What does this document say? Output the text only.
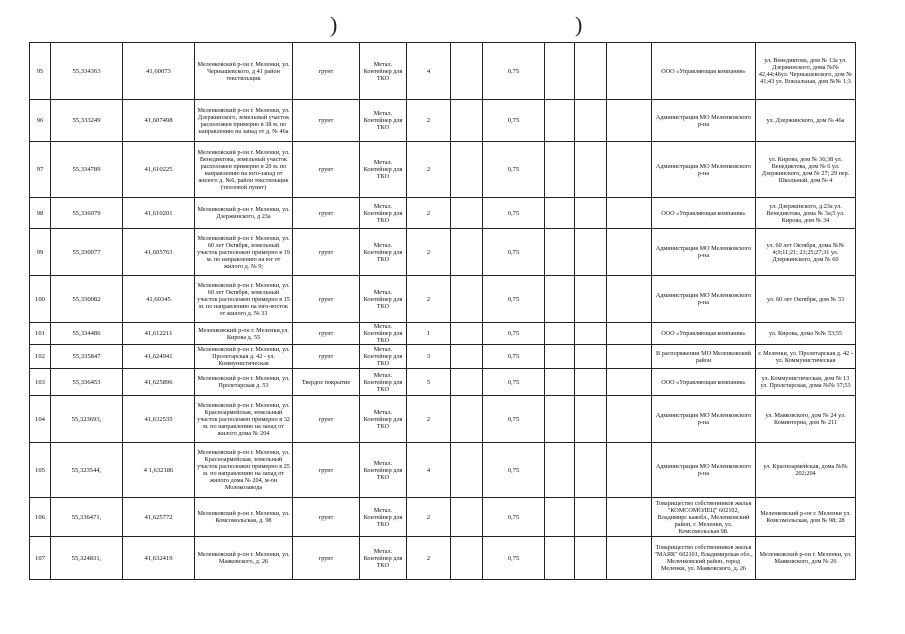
)	)
95	55,334363	41,60073	Меленковский р-он г. Меленки, ул. Чернышевского, д 41 район текстильщик	грунт	Метал. Контейнер для ТКО	4		0,75				ООО «Управляющая компания»	ул. Венедиктова, дом № 13а ул. Дзержинского, дома №№ 42,44;46ул. Чернышевского, дом № 41;43 ул. Вокзальная, дом №№ 1;3
96	55,333249	41,607498	Меленковский р-он г. Меленки, ул. Дзержинского, земельный участок расположен примерно в 38 м. по направлению на запад от д. № 46а	грунт	Метал. Контейнер для ТКО	2		0,75				Администрация МО Меленковского р-на	ул. Дзержинского, дом № 46а
97	55,334789	41,610225	Меленковский р-он г. Меленки, ул. Венедиктова, земельный участок расположен примерно в 20 м. по направлению на юго-запад от жилого д. №6, район текстильщик (тепловой пункт)	грунт	Метал. Контейнер для ТКО	2		0,75				Администрация МО Меленковского р-на	ул. Кирова, дом № 36;38 ул. Венедиктова, дом № 6 ул. Дзержинского, дом № 27; 29 пер. Школьный, дом № 4
98	55,336079	41,610201	Меленковский р-он г. Меленки, ул. Дзержинского, д 23а	грунт	Метал. Контейнер для ТКО	2		0,75				ООО «Управляющая компания»	ул. Дзержинского, д.23а ул. Венедиктова, дома № 3а;5 ул. Кирова, дом № 34
99	55,330077	41,605763	Меленковский р-он г. Меленки, ул. 60 лет Октября, земельный участок расположен примерно в 19 м. по направлению на юг от жилого д. № 9;	грунт	Метал. Контейнер для ТКО	2		0,75				Администрация МО Меленковского р-на	ул. 60 лет Октября, дома №№ 4;9;11;21; 23;25;27;31 ул. Дзержинского, дом № 60
100	55,330082	41,60345	Меленковский р-он г. Меленки, ул. 60 лет Октября, земельный участок расположен примерно в 15 м. по направлению на юго-восток от жилого д. № 33	грунт	Метал. Контейнер для ТКО	2		0,75				Администрация МО Меленковского р-на	ул. 60 лет Октября, дом № 33
101	55,334486	41,612211	Меленковский р-он г. Меленки,ул. Кирова д. 55	грунт	Метал. Контейнер для ТКО	1		0,75				ООО «Управляющая компания»	ул. Кирова, дома №№ 53;55
102	55,335847	41,624941	Меленковский р-он г. Меленки, ул. Пролетарская д. 42 - ул. Коммунистическая	грунт	Метал. Контейнер для ТКО	3		0,75				В распоряжении МО Меленковский район	г. Меленки, ул. Пролетарская д. 42 - ул. Коммунистическая
103	55,336453	41,625896	Меленковский р-он г. Меленки, ул. Пролетарская д. 53	Твердое покрытие	Метал. Контейнер для ТКО	5		0,75				ООО «Управляющая компания»	ул. Коммунистическая, дом № 13 ул. Пролетарская, дома №№ 37;53
104	55,323693,	41,632535	Меленковский р-он г. Меленки, ул. Красноармейская, земельный участок расположен примерно в 32 м. по направлению на запад от жилого дома № 204	грунт	Метал. Контейнер для ТКО	2		0,75				Администрация МО Меленковского р-на	ул. Маяковского, дом № 24 ул. Коминтерна, дом № 211
105	55,323544,	4 1,632186	Меленковский р-он г. Меленки, ул. Красноармейская, земельный участок расположен примерно в 25 м. по направлению на запад от жилого дома № 204, м-он Молокозавода	грунт	Метал. Контейнер для ТКО	4		0,75				Администрация МО Меленковского р-на	ул. Красноармейская, дома №№ 202;204
106	55,336471,	41,625772	Меленковский р-он г. Меленки, ул. Комсомольская, д. 98	грунт	Метал. Контейнер для ТКО	2		0,75				Товарищество собственников жилья "КОМСОМОЛЕЦ" 602102, Владимирс каяобл., Меленковский район, г. Меленки, ул. Комсомольская 98.	Меленковский р-он г. Меленки ул. Комсомольская, дом № 98; 28
107	55,324831,	41,632419	Меленковский р-он г. Меленки, ул. Маяковского, д. 26	грунт	Метал. Контейнер для ТКО	2		0,75				Товарищество собственников жилья "МАЯК" 602101, Владимирская обл., Меленковский район, город Меленки, ул. Маяковского, д. 26	Меленковский р-он г. Меленки, ул. Маяковского, дом № 26
